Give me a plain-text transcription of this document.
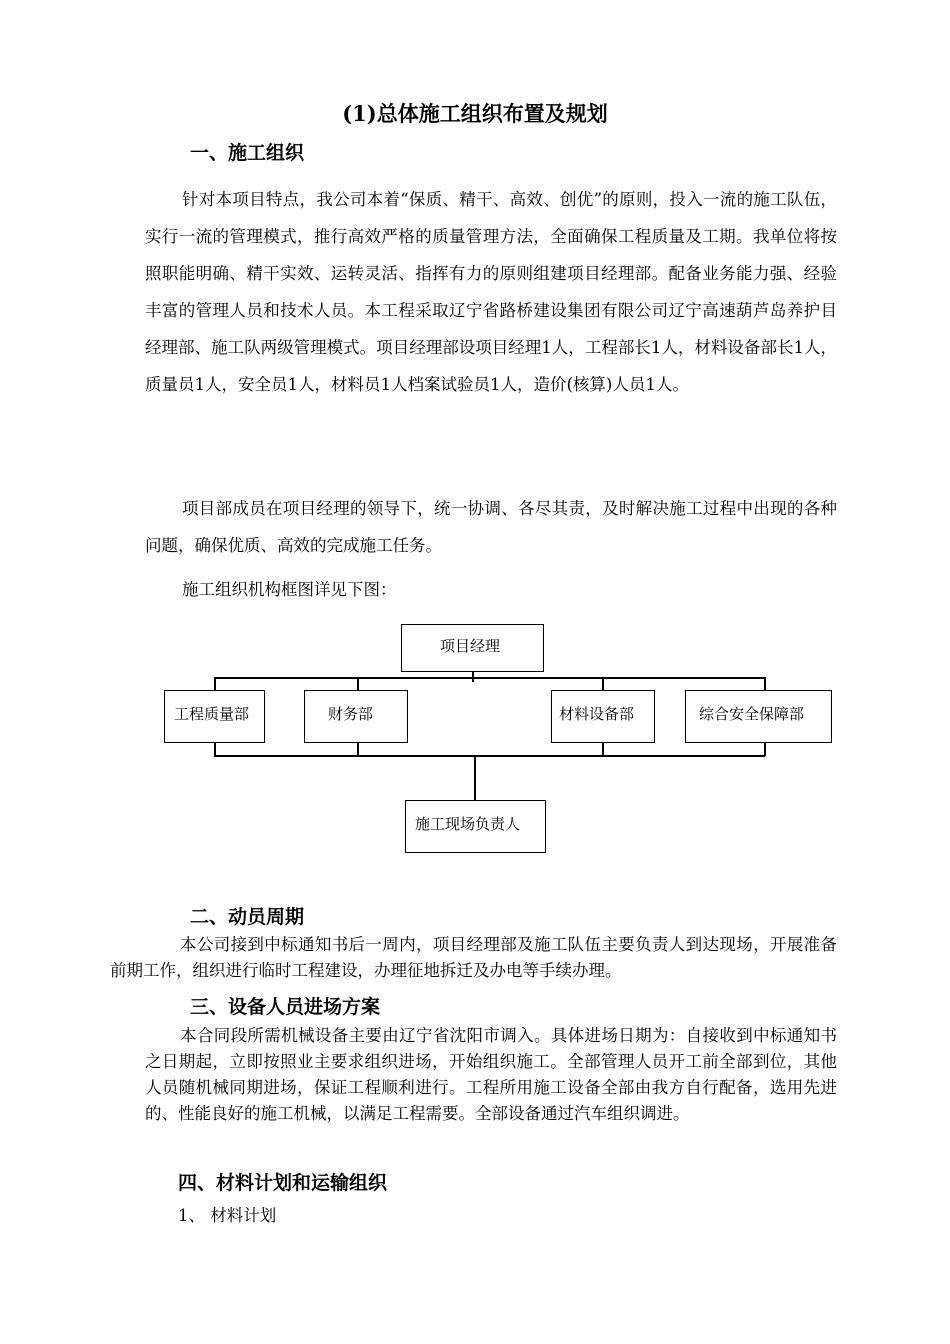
(1)总体施工组织布置及规划
一、施工组织
针对本项目特点，我公司本着“保质、精干、高效、创优”的原则，投入一流的施工队伍，实行一流的管理模式，推行高效严格的质量管理方法，全面确保工程质量及工期。我单位将按照职能明确、精干实效、运转灵活、指挥有力的原则组建项目经理部。配备业务能力强、经验丰富的管理人员和技术人员。本工程采取辽宁省路桥建设集团有限公司辽宁高速葫芦岛养护目经理部、施工队两级管理模式。项目经理部设项目经理1人，工程部长1人，材料设备部长1人，质量员1人，安全员1人，材料员1人档案试验员1人，造价(核算)人员1人。
项目部成员在项目经理的领导下，统一协调、各尽其责，及时解决施工过程中出现的各种问题，确保优质、高效的完成施工任务。
施工组织机构框图详见下图：
项目经理
工程质量部	财务部	材料设备部	综合安全保障部
施工现场负责人
二、动员周期
本公司接到中标通知书后一周内，项目经理部及施工队伍主要负责人到达现场，开展准备前期工作，组织进行临时工程建设，办理征地拆迁及办电等手续办理。
三、设备人员进场方案
本合同段所需机械设备主要由辽宁省沈阳市调入。具体进场日期为：自接收到中标通知书之日期起，立即按照业主要求组织进场，开始组织施工。全部管理人员开工前全部到位，其他人员随机械同期进场，保证工程顺利进行。工程所用施工设备全部由我方自行配备，选用先进的、性能良好的施工机械，以满足工程需要。全部设备通过汽车组织调进。
四、材料计划和运输组织
1、 材料计划
